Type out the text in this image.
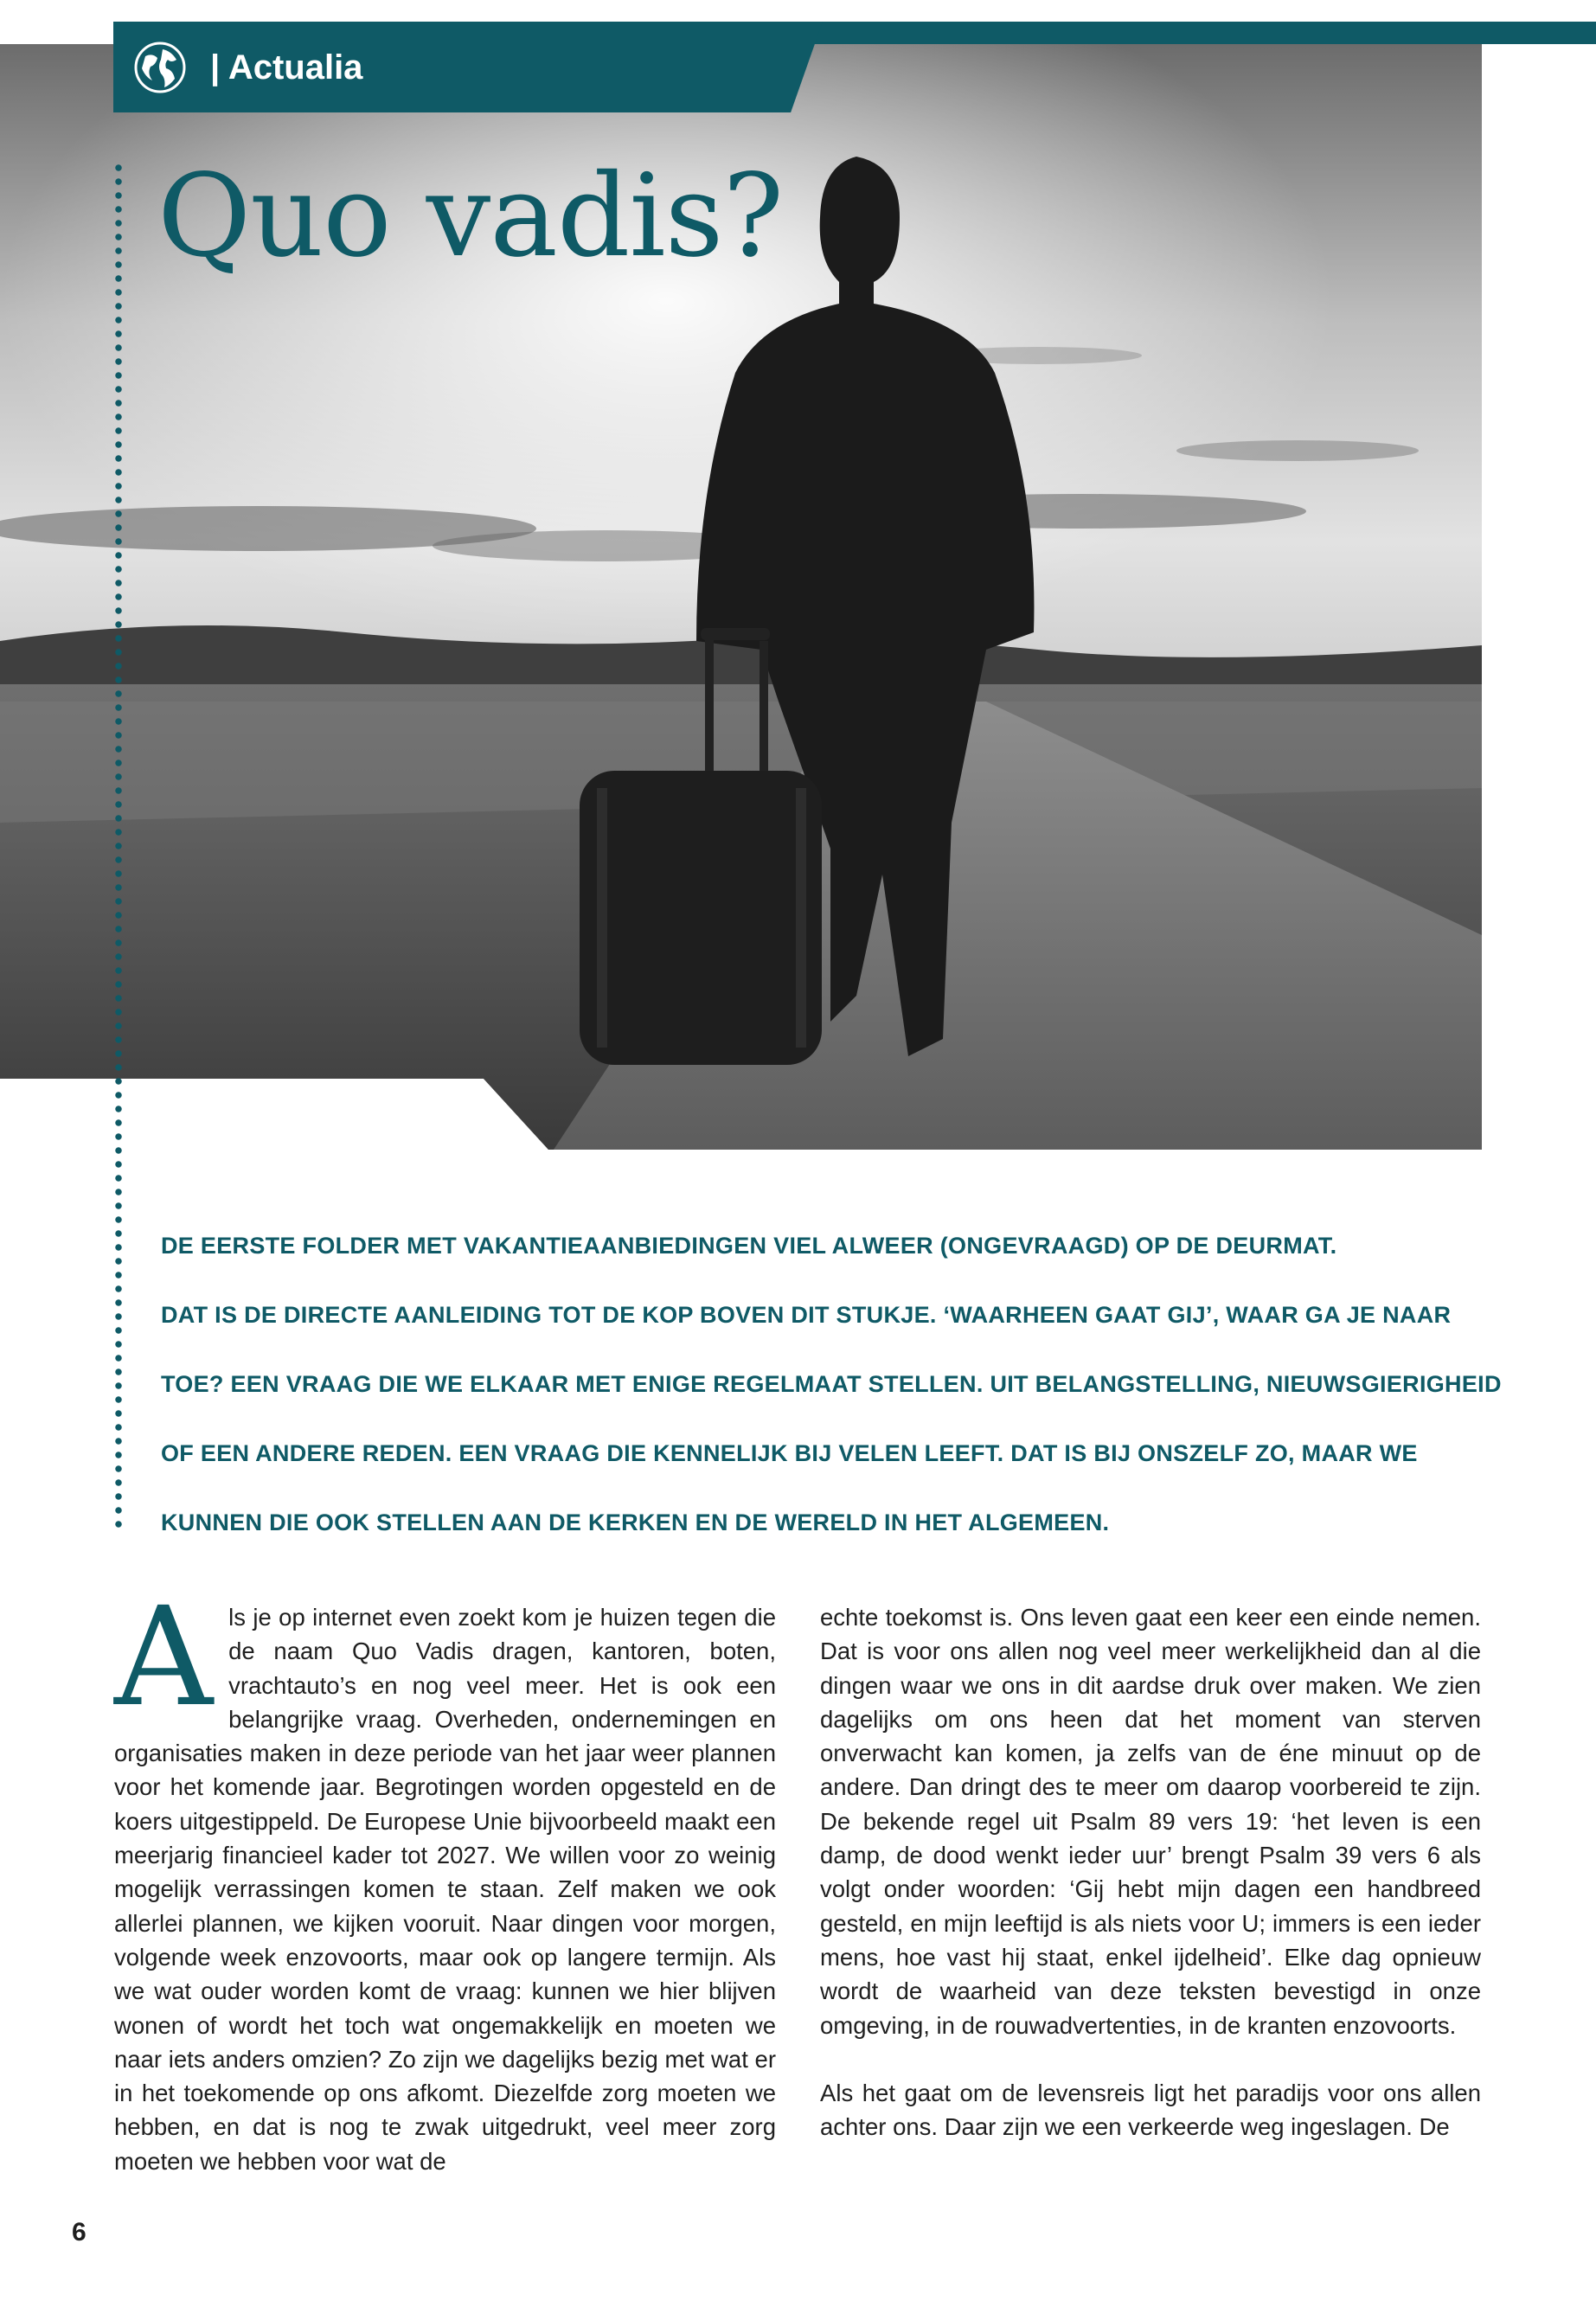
| Actualia
Quo vadis?
DE EERSTE FOLDER MET VAKANTIEAANBIEDINGEN VIEL ALWEER (ONGEVRAAGD) OP DE DEURMAT.
DAT IS DE DIRECTE AANLEIDING TOT DE KOP BOVEN DIT STUKJE. ‘WAARHEEN GAAT GIJ’, WAAR GA JE NAAR
TOE? EEN VRAAG DIE WE ELKAAR MET ENIGE REGELMAAT STELLEN. UIT BELANGSTELLING, NIEUWSGIERIGHEID
OF EEN ANDERE REDEN. EEN VRAAG DIE KENNELIJK BIJ VELEN LEEFT. DAT IS BIJ ONSZELF ZO, MAAR WE
KUNNEN DIE OOK STELLEN AAN DE KERKEN EN DE WERELD IN HET ALGEMEEN.

Als je op internet even zoekt kom je huizen tegen die de naam Quo Vadis dragen, kantoren, boten, vrachtauto’s en nog veel meer. Het is ook een belangrijke vraag. Overheden, ondernemingen en organisaties maken in deze periode van het jaar weer plannen voor het komende jaar. Begrotingen worden opgesteld en de koers uitgestippeld. De Europese Unie bijvoorbeeld maakt een meerjarig financieel kader tot 2027. We willen voor zo weinig mogelijk verrassingen komen te staan. Zelf maken we ook allerlei plannen, we kijken vooruit. Naar dingen voor morgen, volgende week enzovoorts, maar ook op langere termijn. Als we wat ouder worden komt de vraag: kunnen we hier blijven wonen of wordt het toch wat ongemakkelijk en moeten we naar iets anders omzien? Zo zijn we dagelijks bezig met wat er in het toekomende op ons afkomt. Diezelfde zorg moeten we hebben, en dat is nog te zwak uitgedrukt, veel meer zorg moeten we hebben voor wat de

echte toekomst is. Ons leven gaat een keer een einde nemen. Dat is voor ons allen nog veel meer werkelijkheid dan al die dingen waar we ons in dit aardse druk over maken. We zien dagelijks om ons heen dat het moment van sterven onverwacht kan komen, ja zelfs van de éne minuut op de andere. Dan dringt des te meer om daarop voorbereid te zijn. De bekende regel uit Psalm 89 vers 19: ‘het leven is een damp, de dood wenkt ieder uur’ brengt Psalm 39 vers 6 als volgt onder woorden: ‘Gij hebt mijn dagen een handbreed gesteld, en mijn leeftijd is als niets voor U; immers is een ieder mens, hoe vast hij staat, enkel ijdelheid’. Elke dag opnieuw wordt de waarheid van deze teksten bevestigd in onze omgeving, in de rouwadvertenties, in de kranten enzovoorts.

Als het gaat om de levensreis ligt het paradijs voor ons allen achter ons. Daar zijn we een verkeerde weg ingeslagen. De

6
